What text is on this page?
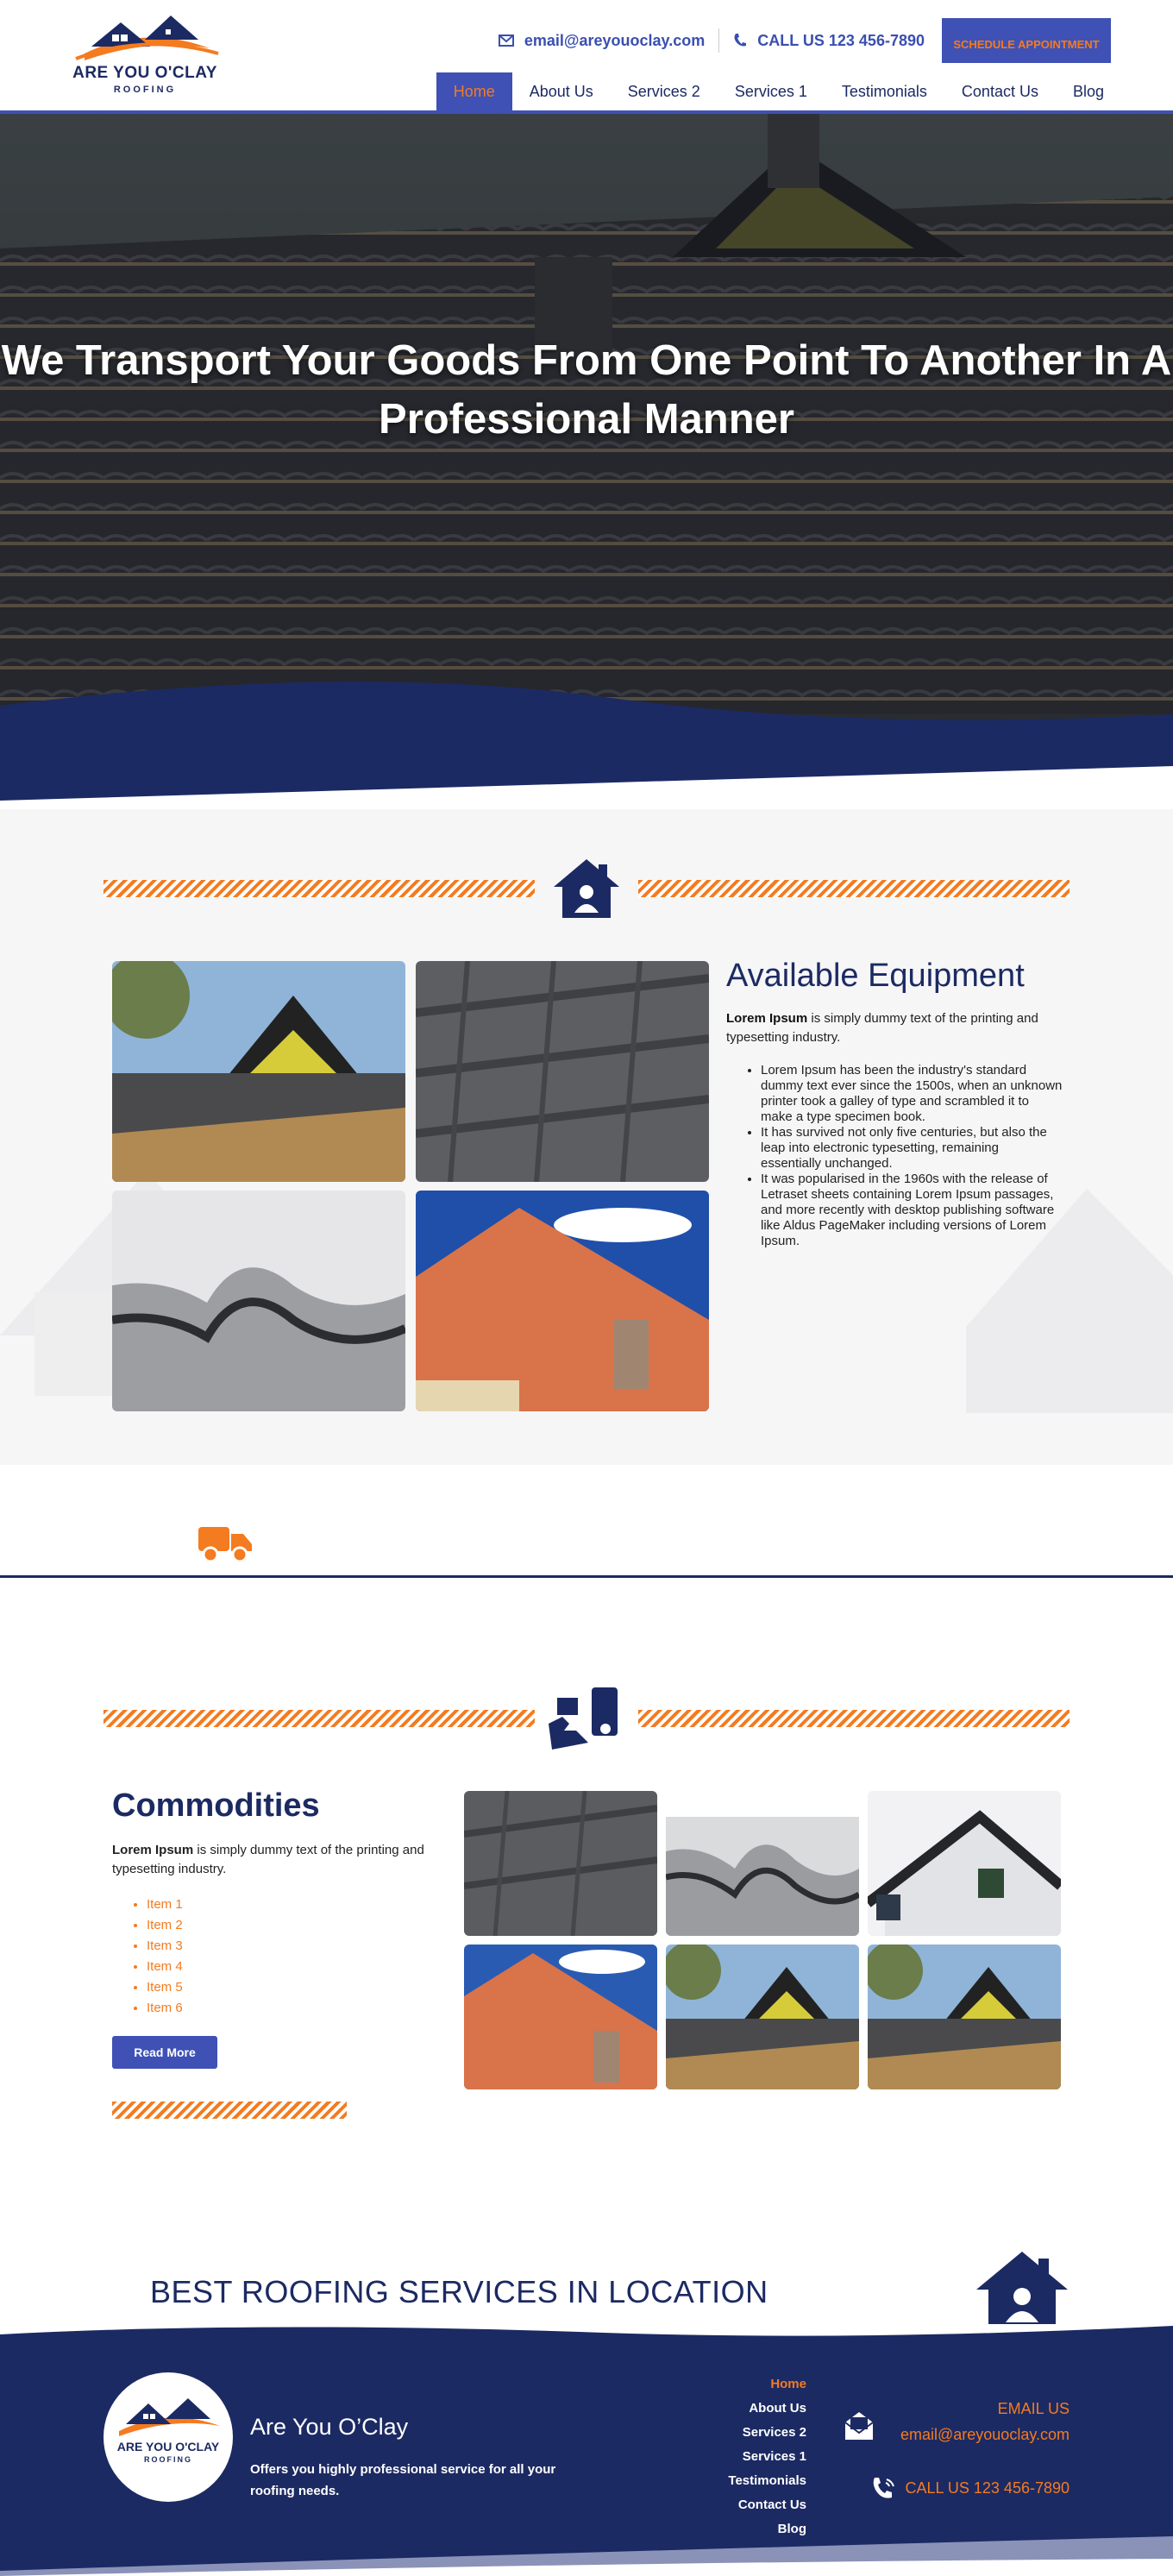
ARE YOU O'CLAY
ROOFING
email@areyouoclay.com	CALL US 123 456-7890	SCHEDULE APPOINTMENT
Home	About Us	Services 2	Services 1	Testimonials	Contact Us	Blog
We Transport Your Goods From One Point To Another In A Professional Manner
Available Equipment

Lorem Ipsum is simply dummy text of the printing and typesetting industry.

• Lorem Ipsum has been the industry's standard dummy text ever since the 1500s, when an unknown printer took a galley of type and scrambled it to make a type specimen book.
• It has survived not only five centuries, but also the leap into electronic typesetting, remaining essentially unchanged.
• It was popularised in the 1960s with the release of Letraset sheets containing Lorem Ipsum passages, and more recently with desktop publishing software like Aldus PageMaker including versions of Lorem Ipsum.
Commodities

Lorem Ipsum is simply dummy text of the printing and typesetting industry.

• Item 1
• Item 2
• Item 3
• Item 4
• Item 5
• Item 6
Read More
BEST ROOFING SERVICES IN LOCATION
ARE YOU O'CLAY
ROOFING
Are You O’Clay
Offers you highly professional service for all your roofing needs.
Home
About Us
Services 2
Services 1
Testimonials
Contact Us
Blog
EMAIL US
email@areyouoclay.com
CALL US 123 456-7890
